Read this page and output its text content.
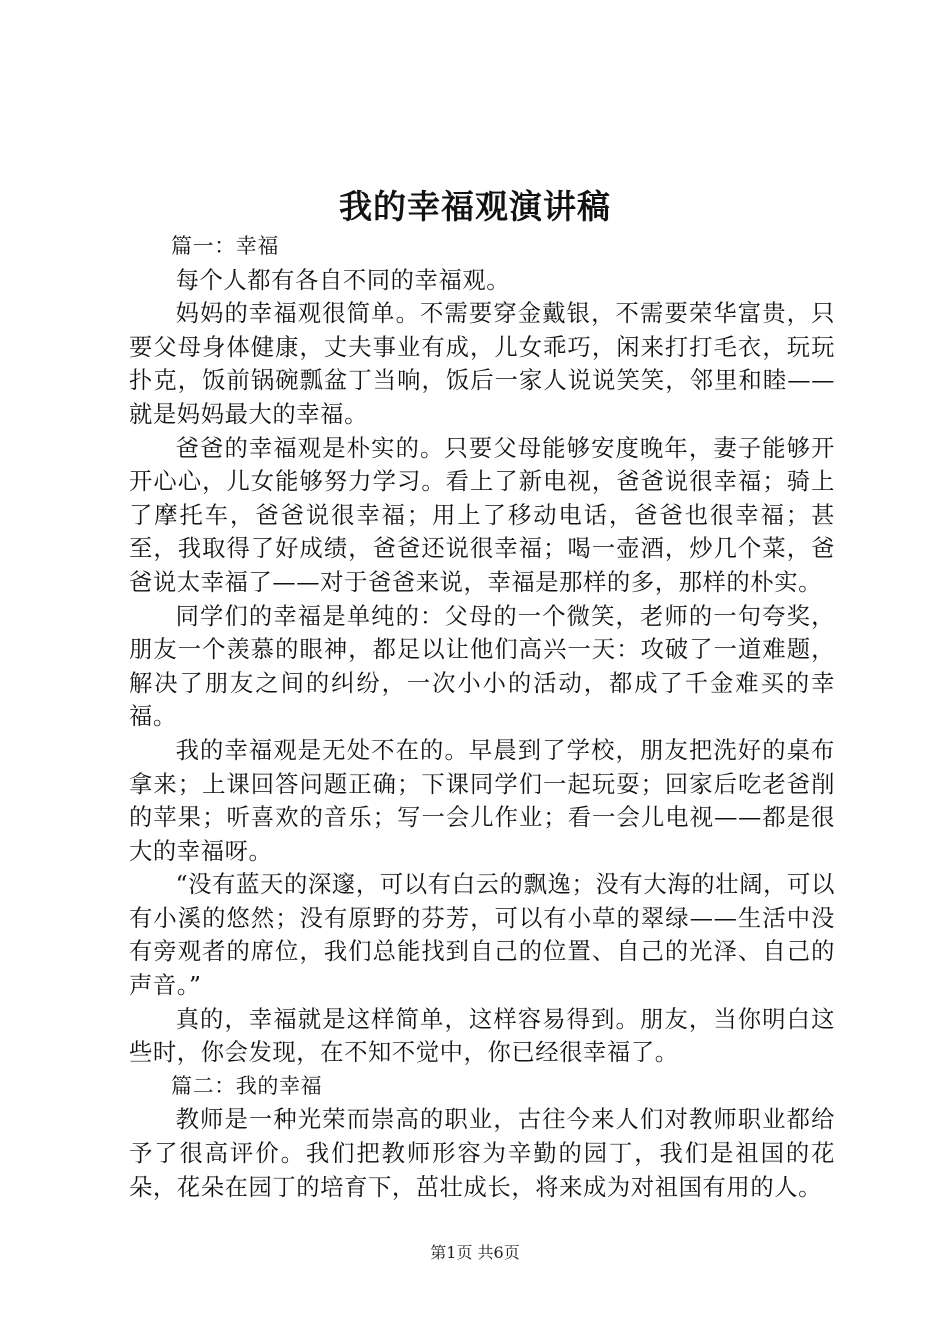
我的幸福观演讲稿

篇一：幸福

每个人都有各自不同的幸福观。

妈妈的幸福观很简单。不需要穿金戴银，不需要荣华富贵，只要父母身体健康，丈夫事业有成，儿女乖巧，闲来打打毛衣，玩玩扑克，饭前锅碗瓢盆丁当响，饭后一家人说说笑笑，邻里和睦——就是妈妈最大的幸福。

爸爸的幸福观是朴实的。只要父母能够安度晚年，妻子能够开开心心，儿女能够努力学习。看上了新电视，爸爸说很幸福；骑上了摩托车，爸爸说很幸福；用上了移动电话，爸爸也很幸福；甚至，我取得了好成绩，爸爸还说很幸福；喝一壶酒，炒几个菜，爸爸说太幸福了——对于爸爸来说，幸福是那样的多，那样的朴实。

同学们的幸福是单纯的：父母的一个微笑，老师的一句夸奖，朋友一个羡慕的眼神，都足以让他们高兴一天：攻破了一道难题，解决了朋友之间的纠纷，一次小小的活动，都成了千金难买的幸福。

我的幸福观是无处不在的。早晨到了学校，朋友把洗好的桌布拿来；上课回答问题正确；下课同学们一起玩耍；回家后吃老爸削的苹果；听喜欢的音乐；写一会儿作业；看一会儿电视——都是很大的幸福呀。

“没有蓝天的深邃，可以有白云的飘逸；没有大海的壮阔，可以有小溪的悠然；没有原野的芬芳，可以有小草的翠绿——生活中没有旁观者的席位，我们总能找到自己的位置、自己的光泽、自己的声音。”

真的，幸福就是这样简单，这样容易得到。朋友，当你明白这些时，你会发现，在不知不觉中，你已经很幸福了。

篇二：我的幸福

教师是一种光荣而崇高的职业，古往今来人们对教师职业都给予了很高评价。我们把教师形容为辛勤的园丁，我们是祖国的花朵，花朵在园丁的培育下，茁壮成长，将来成为对祖国有用的人。

第1页 共6页
